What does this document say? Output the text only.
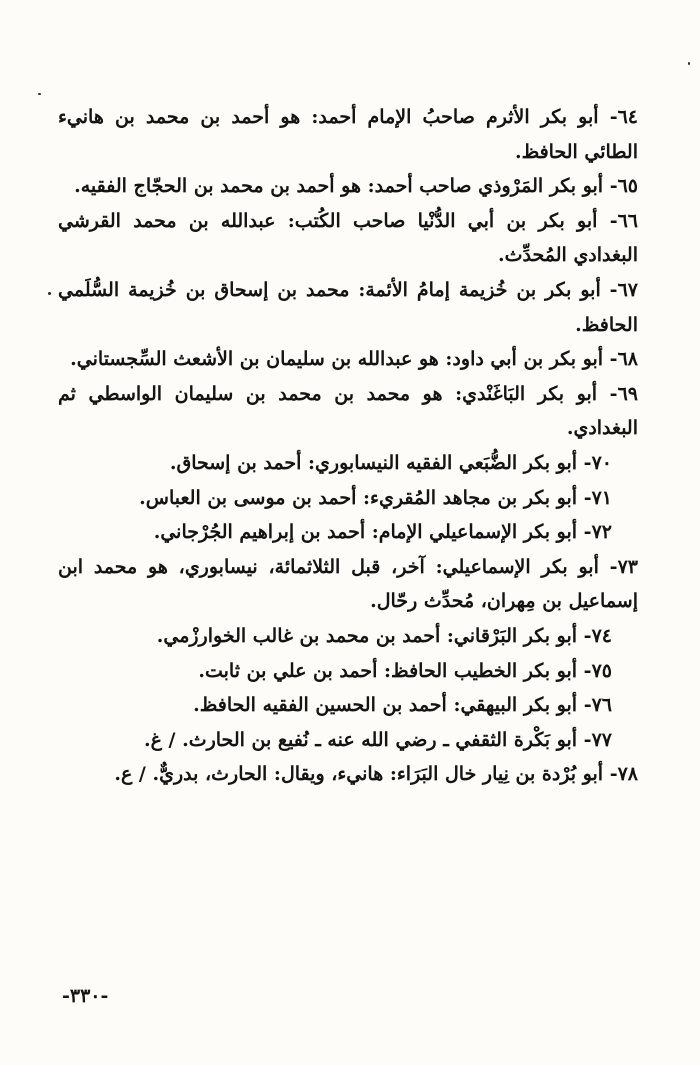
٦٤- أبو بكر الأثرم صاحبُ الإمام أحمد: هو أحمد بن محمد بن هانيء الطائي الحافظ.
٦٥- أبو بكر المَرْوذي صاحب أحمد: هو أحمد بن محمد بن الحجّاج الفقيه.
٦٦- أبو بكر بن أبي الدُّنْيا صاحب الكُتب: عبدالله بن محمد القرشي البغدادي المُحدِّث.
٦٧- أبو بكر بن خُزيمة إمامُ الأئمة: محمد بن إسحاق بن خُزيمة السُّلَمي الحافظ.
٦٨- أبو بكر بن أبي داود: هو عبدالله بن سليمان بن الأشعث السِّجستاني.
٦٩- أبو بكر البَاغَنْدي: هو محمد بن محمد بن سليمان الواسطي ثم البغدادي.
٧٠- أبو بكر الضُّبَعي الفقيه النيسابوري: أحمد بن إسحاق.
٧١- أبو بكر بن مجاهد المُقريء: أحمد بن موسى بن العباس.
٧٢- أبو بكر الإسماعيلي الإمام: أحمد بن إبراهيم الجُرْجاني.
٧٣- أبو بكر الإسماعيلي: آخر، قبل الثلاثمائة، نيسابوري، هو محمد ابن إسماعيل بن مِهران، مُحدِّث رحّال.
٧٤- أبو بكر البَرْقاني: أحمد بن محمد بن غالب الخوارزْمي.
٧٥- أبو بكر الخطيب الحافظ: أحمد بن علي بن ثابت.
٧٦- أبو بكر البيهقي: أحمد بن الحسين الفقيه الحافظ.
٧٧- أبو بَكْرة الثقفي ـ رضي الله عنه ـ نُفيع بن الحارث. / غ.
٧٨- أبو بُرْدة بن نِيار خال البَرَاء: هانيء، ويقال: الحارث، بدريٌّ. / ع.
-٣٣٠-
